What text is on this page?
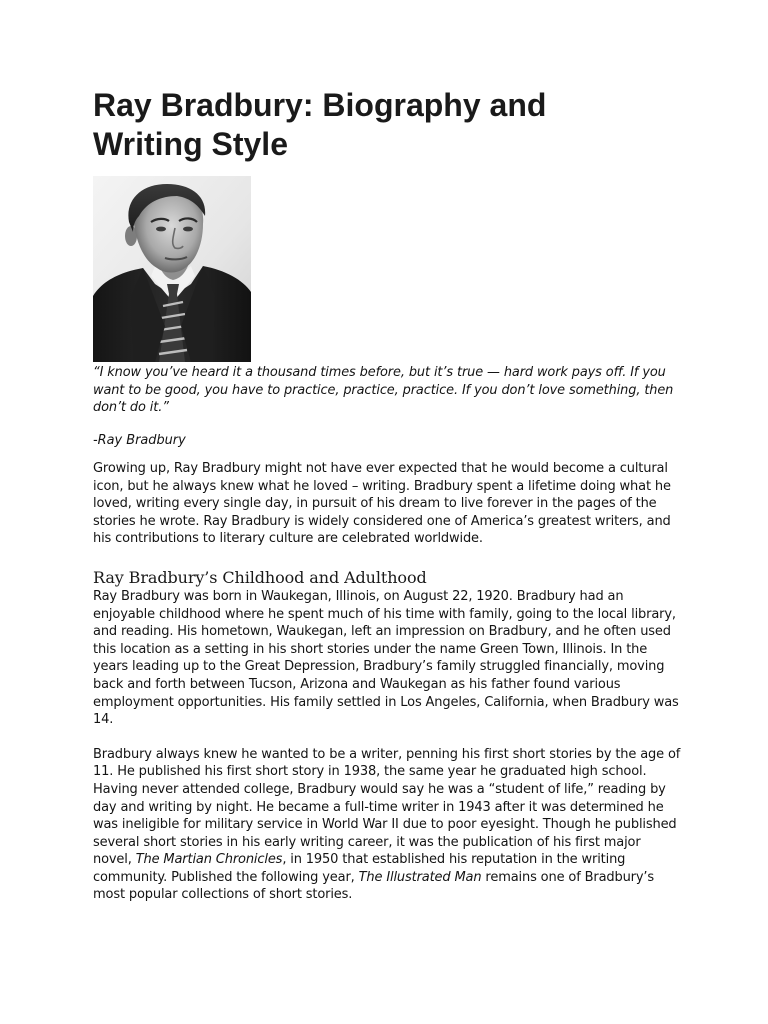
Ray Bradbury: Biography and
Writing Style

“I know you’ve heard it a thousand times before, but it’s true — hard work pays off. If you want to be good, you have to practice, practice, practice. If you don’t love something, then don’t do it.”

-Ray Bradbury

Growing up, Ray Bradbury might not have ever expected that he would become a cultural icon, but he always knew what he loved – writing. Bradbury spent a lifetime doing what he loved, writing every single day, in pursuit of his dream to live forever in the pages of the stories he wrote. Ray Bradbury is widely considered one of America’s greatest writers, and his contributions to literary culture are celebrated worldwide.

Ray Bradbury’s Childhood and Adulthood

Ray Bradbury was born in Waukegan, Illinois, on August 22, 1920. Bradbury had an enjoyable childhood where he spent much of his time with family, going to the local library, and reading. His hometown, Waukegan, left an impression on Bradbury, and he often used this location as a setting in his short stories under the name Green Town, Illinois. In the years leading up to the Great Depression, Bradbury’s family struggled financially, moving back and forth between Tucson, Arizona and Waukegan as his father found various employment opportunities. His family settled in Los Angeles, California, when Bradbury was 14.

Bradbury always knew he wanted to be a writer, penning his first short stories by the age of 11. He published his first short story in 1938, the same year he graduated high school. Having never attended college, Bradbury would say he was a “student of life,” reading by day and writing by night. He became a full-time writer in 1943 after it was determined he was ineligible for military service in World War II due to poor eyesight. Though he published several short stories in his early writing career, it was the publication of his first major novel, The Martian Chronicles, in 1950 that established his reputation in the writing community. Published the following year, The Illustrated Man remains one of Bradbury’s most popular collections of short stories.
